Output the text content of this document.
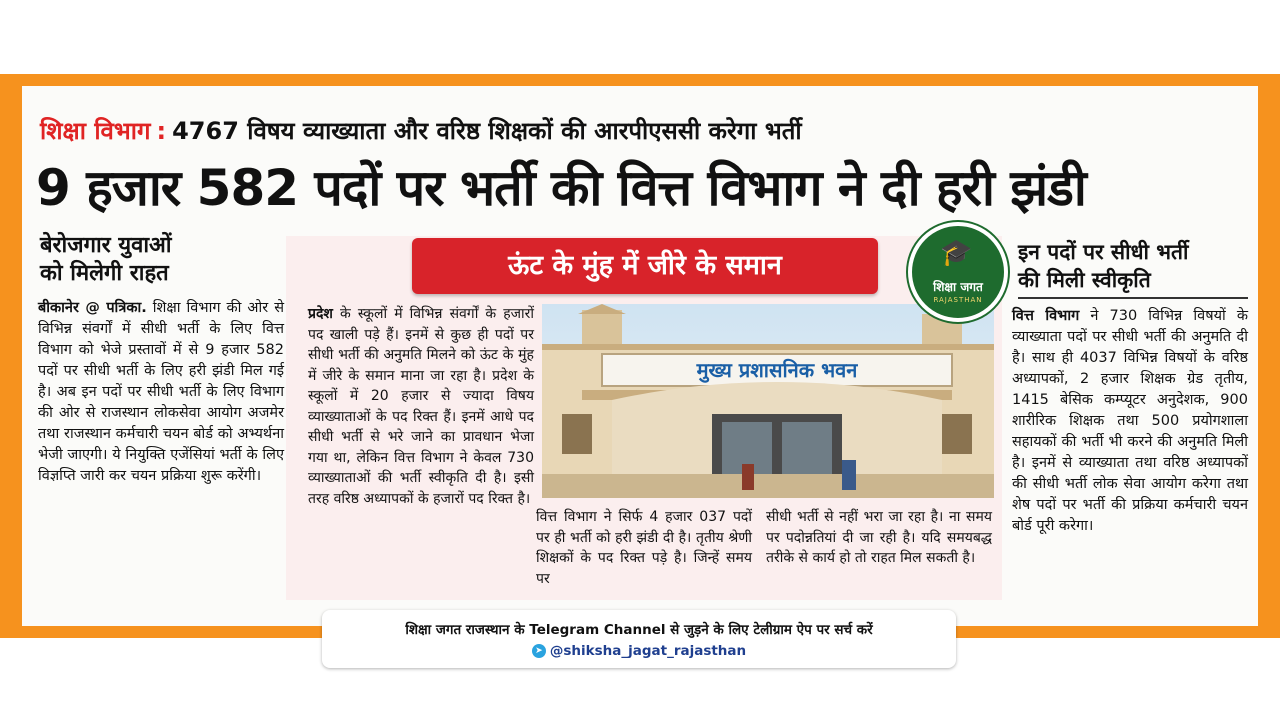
शिक्षा विभाग : 4767 विषय व्याख्याता और वरिष्ठ शिक्षकों की आरपीएससी करेगा भर्ती
9 हजार 582 पदों पर भर्ती की वित्त विभाग ने दी हरी झंडी
बेरोजगार युवाओं
को मिलेगी राहत
बीकानेर @ पत्रिका. शिक्षा विभाग की ओर से विभिन्न संवर्गों में सीधी भर्ती के लिए वित्त विभाग को भेजे प्रस्तावों में से 9 हजार 582 पदों पर सीधी भर्ती के लिए हरी झंडी मिल गई है। अब इन पदों पर सीधी भर्ती के लिए विभाग की ओर से राजस्थान लोकसेवा आयोग अजमेर तथा राजस्थान कर्मचारी चयन बोर्ड को अभ्यर्थना भेजी जाएगी। ये नियुक्ति एजेंसियां भर्ती के लिए विज्ञप्ति जारी कर चयन प्रक्रिया शुरू करेंगी।
ऊंट के मुंह में जीरे के समान
प्रदेश के स्कूलों में विभिन्न संवर्गों के हजारों पद खाली पड़े हैं। इनमें से कुछ ही पदों पर सीधी भर्ती की अनुमति मिलने को ऊंट के मुंह में जीरे के समान माना जा रहा है। प्रदेश के स्कूलों में 20 हजार से ज्यादा विषय व्याख्याताओं के पद रिक्त हैं। इनमें आधे पद सीधी भर्ती से भरे जाने का प्रावधान भेजा गया था, लेकिन वित्त विभाग ने केवल 730 व्याख्याताओं की भर्ती स्वीकृति दी है। इसी तरह वरिष्ठ अध्यापकों के हजारों पद रिक्त है।
मुख्य प्रशासनिक भवन
वित्त विभाग ने सिर्फ 4 हजार 037 पदों पर ही भर्ती को हरी झंडी दी है। तृतीय श्रेणी शिक्षकों के पद रिक्त पड़े है। जिन्हें समय पर
सीधी भर्ती से नहीं भरा जा रहा है। ना समय पर पदोन्नतियां दी जा रही है। यदि समयबद्ध तरीके से कार्य हो तो राहत मिल सकती है।
🎓
शिक्षा जगत
RAJASTHAN
इन पदों पर सीधी भर्ती
की मिली स्वीकृति
वित्त विभाग ने 730 विभिन्न विषयों के व्याख्याता पदों पर सीधी भर्ती की अनुमति दी है। साथ ही 4037 विभिन्न विषयों के वरिष्ठ अध्यापकों, 2 हजार शिक्षक ग्रेड तृतीय, 1415 बेसिक कम्प्यूटर अनुदेशक, 900 शारीरिक शिक्षक तथा 500 प्रयोगशाला सहायकों की भर्ती भी करने की अनुमति मिली है। इनमें से व्याख्याता तथा वरिष्ठ अध्यापकों की सीधी भर्ती लोक सेवा आयोग करेगा तथा शेष पदों पर भर्ती की प्रक्रिया कर्मचारी चयन बोर्ड पूरी करेगा।
शिक्षा जगत राजस्थान के Telegram Channel से जुड़ने के लिए टेलीग्राम ऐप पर सर्च करें
➤ @shiksha_jagat_rajasthan
